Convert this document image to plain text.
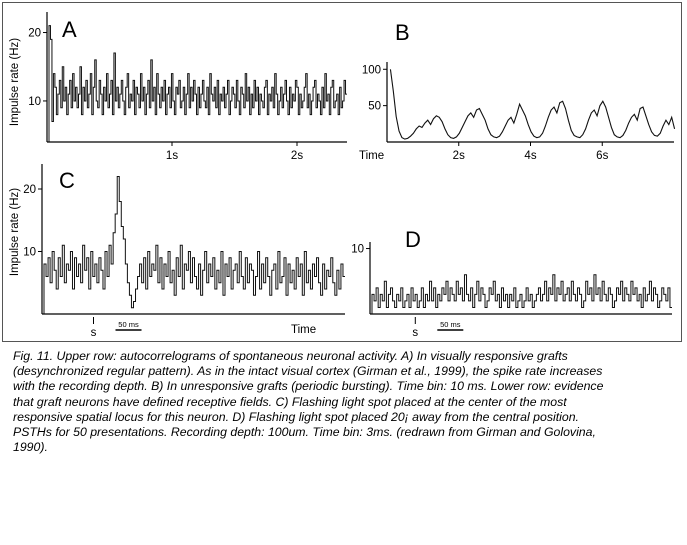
A
Impulse rate (Hz) 10
20
1s	2s
B
Time
50
100
2s	4s	6s
C
Impulse rate (Hz)
Time
10
20
s
50 ms
D
10
s
50 ms

Fig. 11. Upper row: autocorrelograms of spontaneous neuronal activity. A) In visually responsive grafts
(desynchronized regular pattern). As in the intact visual cortex (Girman et al., 1999), the spike rate increases
with the recording depth. B) In unresponsive grafts (periodic bursting). Time bin: 10 ms. Lower row: evidence
that graft neurons have defined receptive fields. C) Flashing light spot placed at the center of the most
responsive spatial locus for this neuron. D) Flashing light spot placed 20¡ away from the central position.
PSTHs for 50 presentations. Recording depth: 100um. Time bin: 3ms. (redrawn from Girman and Golovina,
1990).
